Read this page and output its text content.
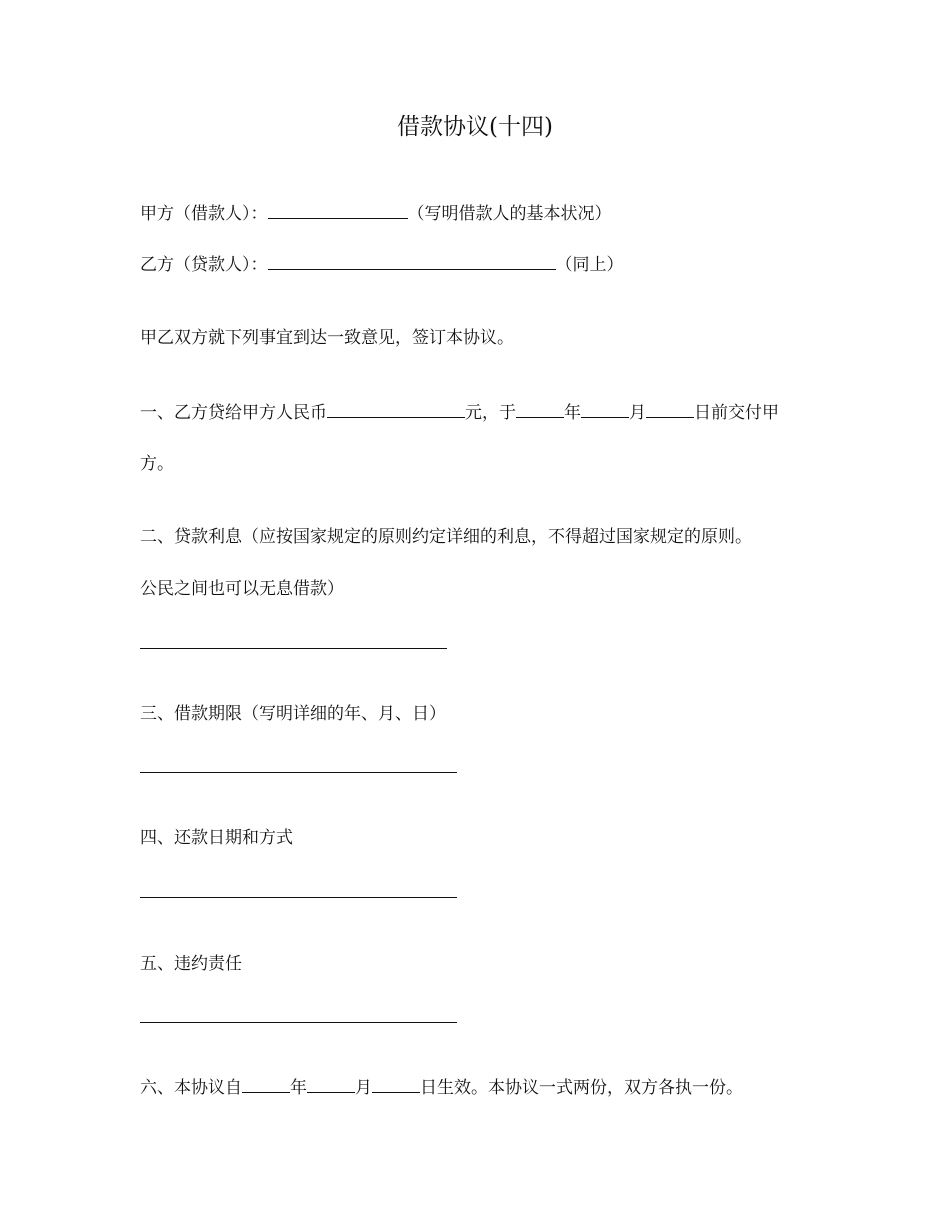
借款协议(十四)
甲方（借款人）：	（写明借款人的基本状况）
乙方（贷款人）：	（同上）
甲乙双方就下列事宜到达一致意见，签订本协议。
一、乙方贷给甲方人民币	元，于	年	月	日前交付甲
方。
二、贷款利息（应按国家规定的原则约定详细的利息，不得超过国家规定的原则。
公民之间也可以无息借款）
三、借款期限（写明详细的年、月、日）
四、还款日期和方式
五、违约责任
六、本协议自	年	月	日生效。本协议一式两份，双方各执一份。
